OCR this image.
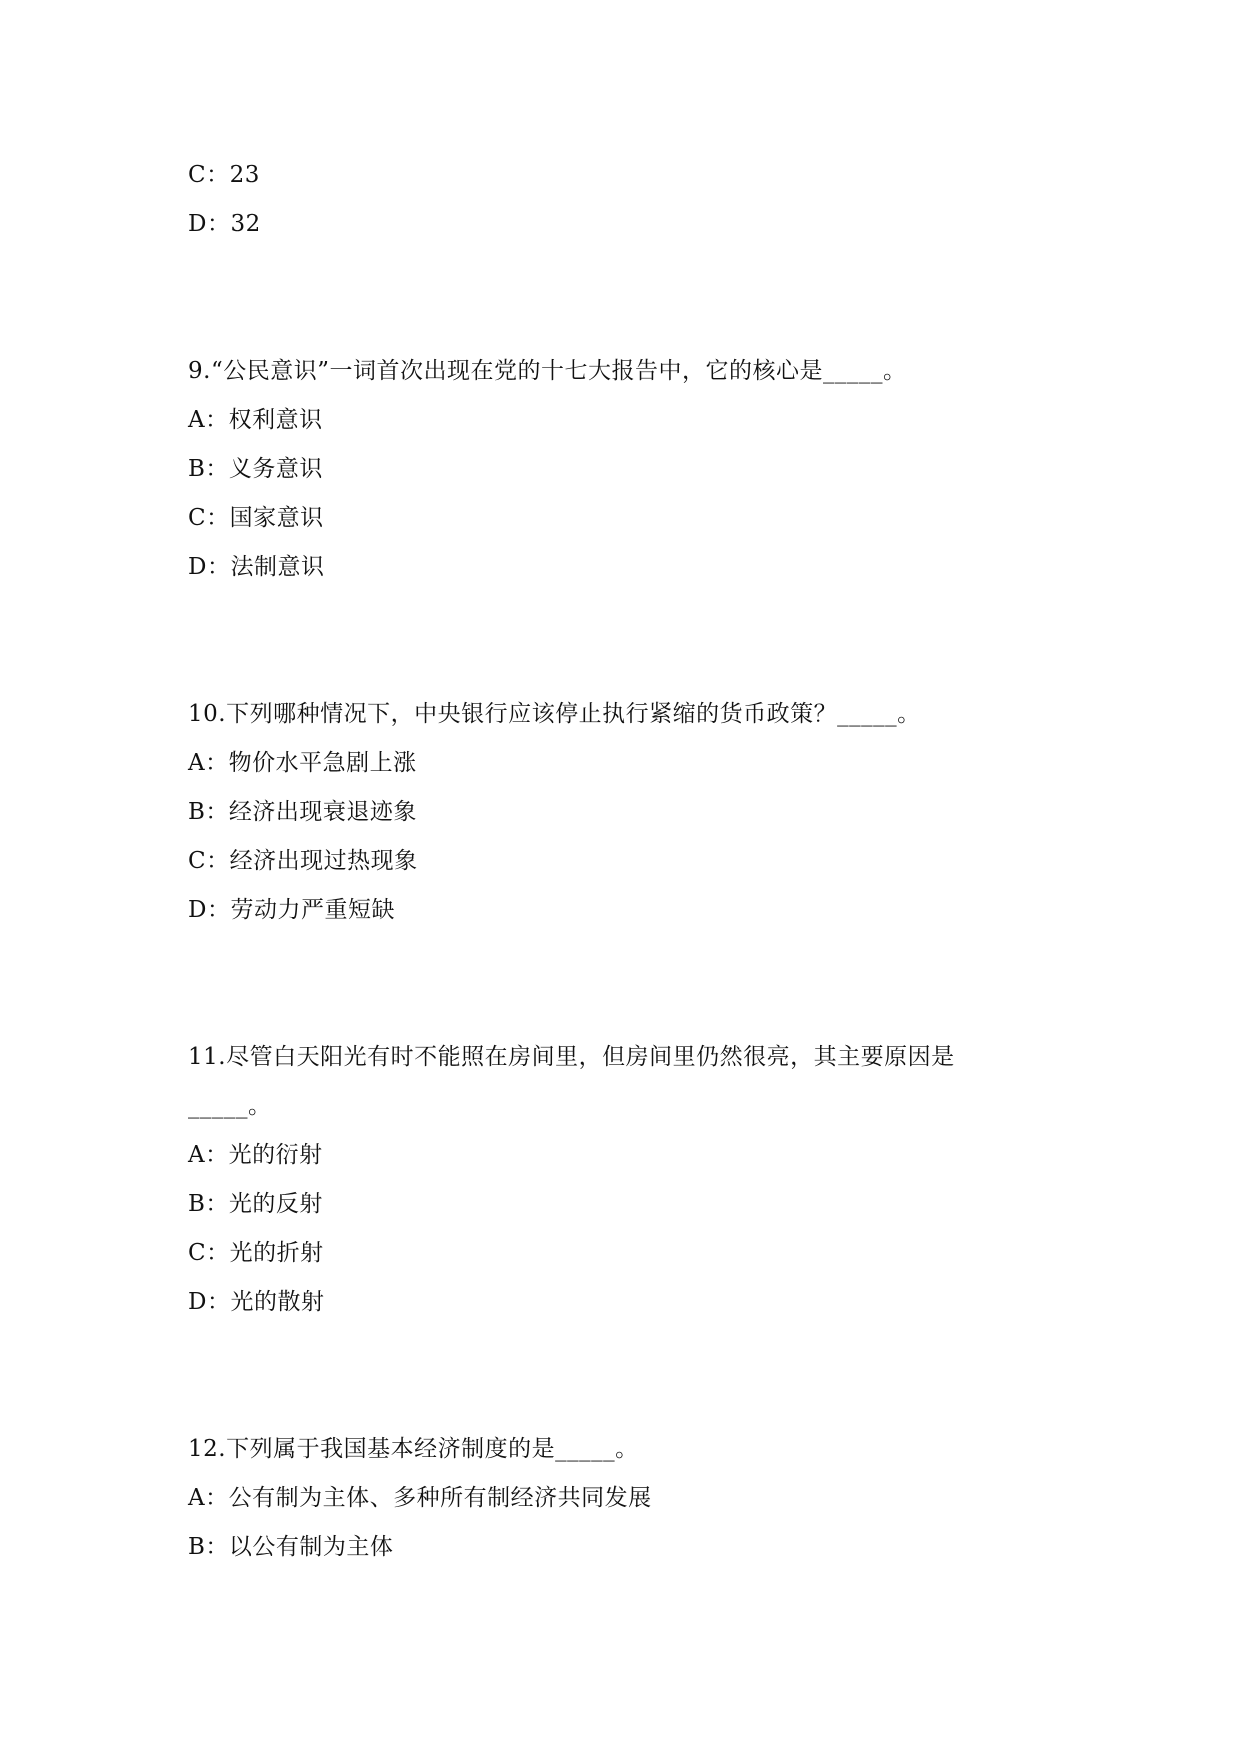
C：23
D：32
9.“公民意识”一词首次出现在党的十七大报告中，它的核心是_____。
A：权利意识
B：义务意识
C：国家意识
D：法制意识
10.下列哪种情况下，中央银行应该停止执行紧缩的货币政策？_____。
A：物价水平急剧上涨
B：经济出现衰退迹象
C：经济出现过热现象
D：劳动力严重短缺
11.尽管白天阳光有时不能照在房间里，但房间里仍然很亮，其主要原因是
_____。
A：光的衍射
B：光的反射
C：光的折射
D：光的散射
12.下列属于我国基本经济制度的是_____。
A：公有制为主体、多种所有制经济共同发展
B：以公有制为主体
